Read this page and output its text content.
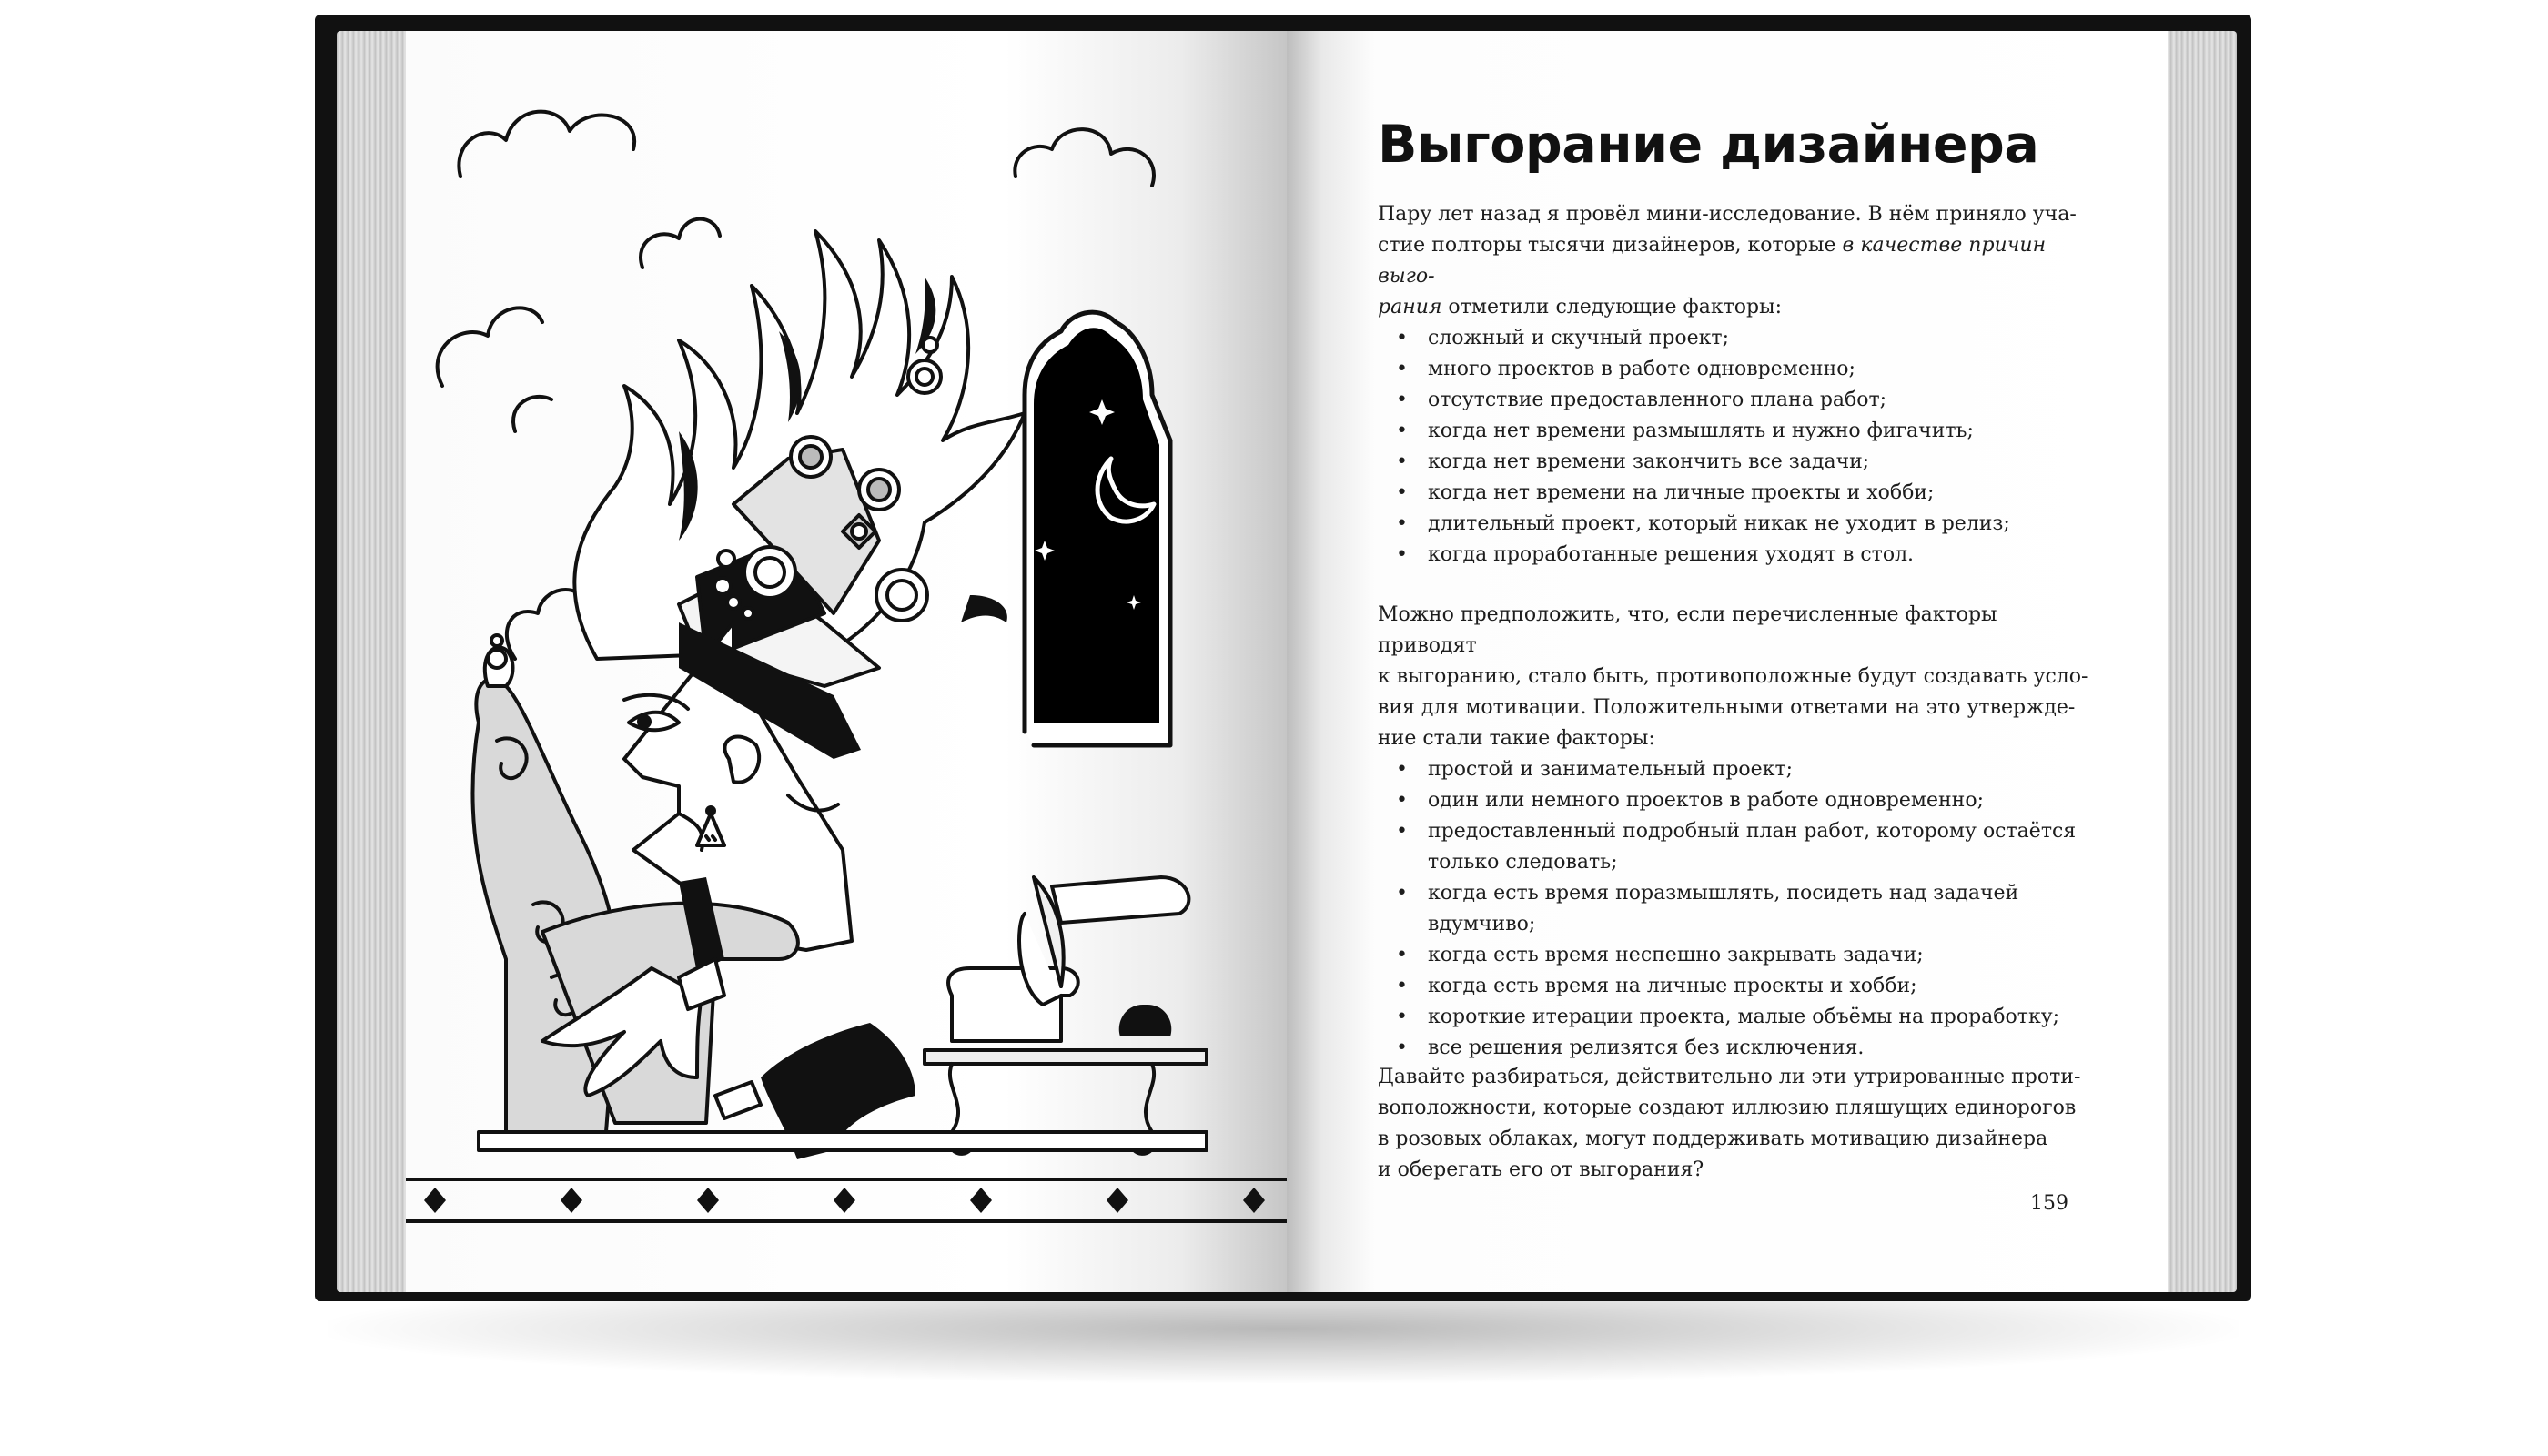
Выгорание дизайнера

Пару лет назад я провёл мини-исследование. В нём приняло уча-

стие полторы тысячи дизайнеров, которые в качестве причин выго-

рания отметили следующие факторы:

• сложный и скучный проект;
• много проектов в работе одновременно;
• отсутствие предоставленного плана работ;
• когда нет времени размышлять и нужно фигачить;
• когда нет времени закончить все задачи;
• когда нет времени на личные проекты и хобби;
• длительный проект, который никак не уходит в релиз;
• когда проработанные решения уходят в стол.

Можно предположить, что, если перечисленные факторы приводят

к выгоранию, стало быть, противоположные будут создавать усло-

вия для мотивации. Положительными ответами на это утвержде-

ние стали такие факторы:

• простой и занимательный проект;
• один или немного проектов в работе одновременно;
• предоставленный подробный план работ, которому остаётся
только следовать;
• когда есть время поразмышлять, посидеть над задачей
вдумчиво;
• когда есть время неспешно закрывать задачи;
• когда есть время на личные проекты и хобби;
• короткие итерации проекта, малые объёмы на проработку;
• все решения релизятся без исключения.

Давайте разбираться, действительно ли эти утрированные проти-

воположности, которые создают иллюзию пляшущих единорогов

в розовых облаках, могут поддерживать мотивацию дизайнера

и оберегать его от выгорания?

159
